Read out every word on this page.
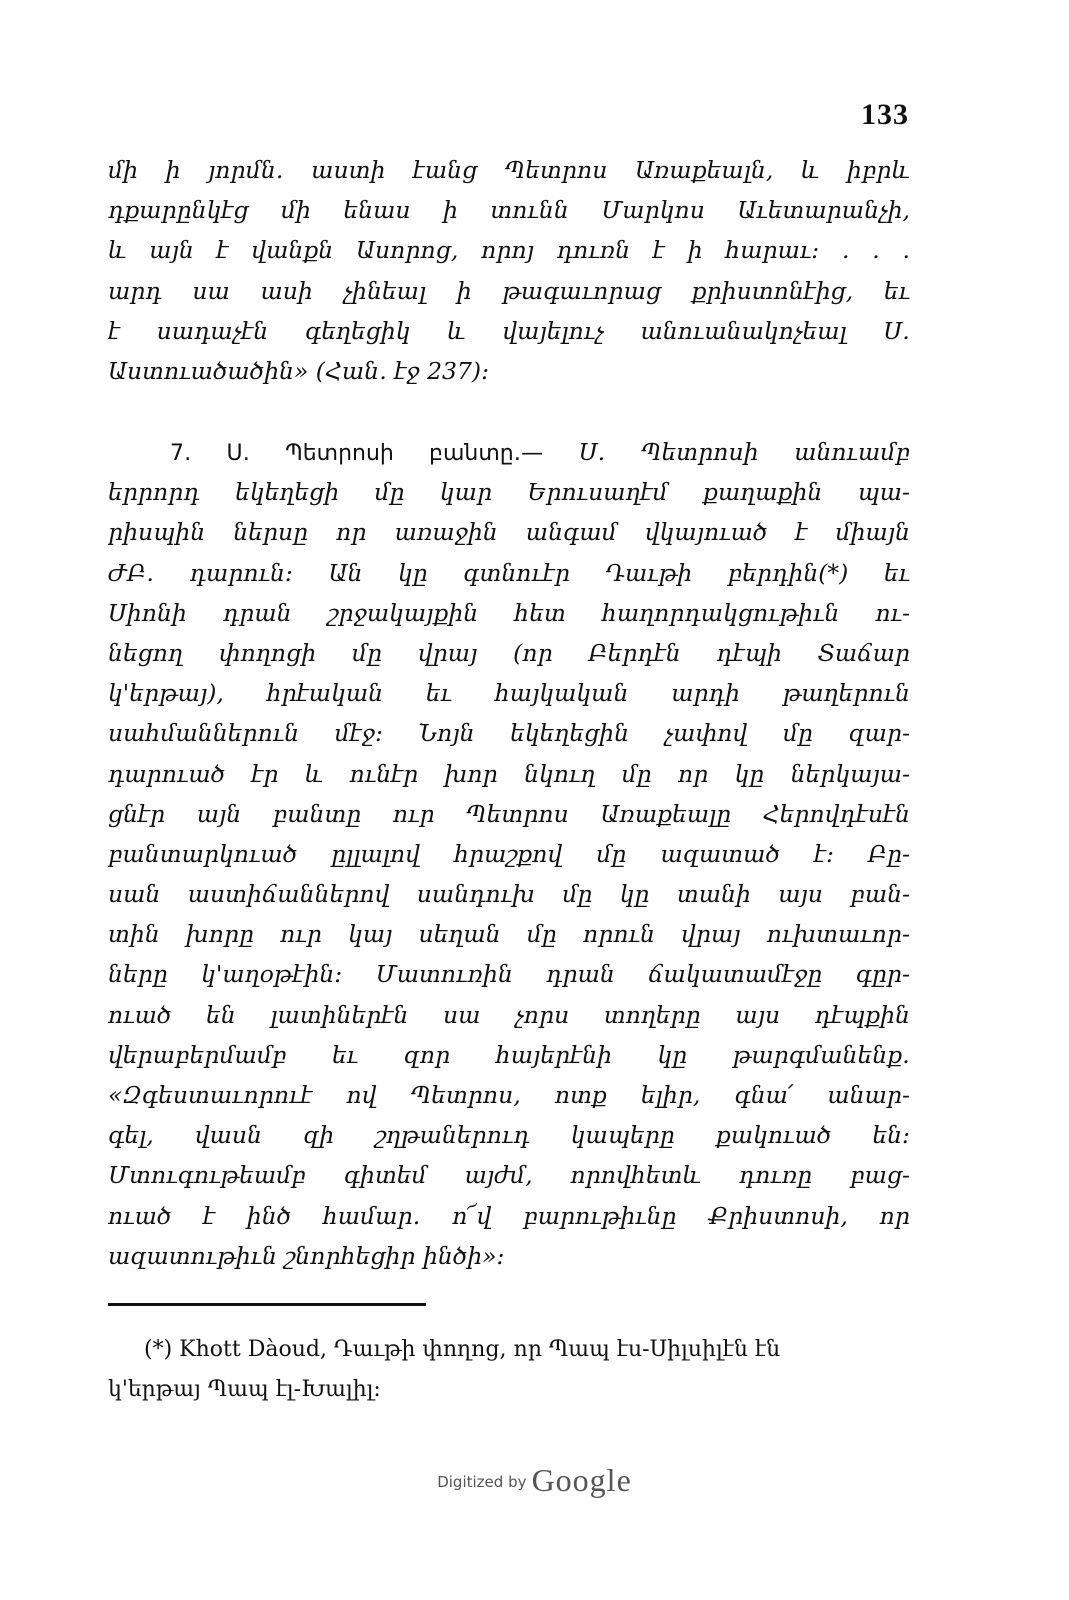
133
մի ի յորմն․ աստի էանց Պետրոս Առաքեալն, և իբրև
դքարընկէց մի ենաս ի տունն Մարկոս Աւետարանչի,
և այն է վանքն Ասորոց, որոյ դուռն է ի հարաւ։ . . .
արդ սա ասի չինեալ ի թագաւորաց քրիստոնէից, եւ
է սադաչէն գեղեցիկ և վայելուչ անուանակոչեալ Ս․
Աստուածածին» (Հան․ էջ 237)։
7․ Ս․ Պետրոսի բանտը․— Ս․ Պետրոսի անուամբ
երրորդ եկեղեցի մը կար Երուսաղէմ քաղաքին պա-
րիսպին ներսը որ առաջին անգամ վկայուած է միայն
ԺԲ․ դարուն։ Ան կը գտնուէր Դաւթի բերդին(*) եւ
Սիոնի դրան շրջակայքին հետ հաղորդակցութիւն ու-
նեցող փողոցի մը վրայ (որ Բերդէն դէպի Տաճար
կ'երթայ), հրէական եւ հայկական արդի թաղերուն
սահմաններուն մէջ։ Նոյն եկեղեցին չափով մը զար-
դարուած էր և ունէր խոր նկուղ մը որ կը ներկայա-
ցնէր այն բանտը ուր Պետրոս Առաքեալը Հերովդէսէն
բանտարկուած ըլլալով հրաշքով մը ազատած է։ Բը-
սան աստիճաններով սանդուխ մը կը տանի այս բան-
տին խորը ուր կայ սեղան մը որուն վրայ ուխտաւոր-
ները կ'աղօթէին։ Մատուռին դրան ճակատամէջը գըր-
ուած են լատիներէն սա չորս տողերը այս դէպքին
վերաբերմամբ եւ զոր հայերէնի կը թարգմանենք․
«Զգեստաւորուէ ով Պետրոս, ոտք ելիր, գնա՛ անար-
գել, վասն զի շղթաներուդ կապերը քակուած են։
Մտուգութեամբ գիտեմ այժմ, որովհետև դուռը բաց-
ուած է ինծ համար․ ո՜վ բարութիւնը Քրիստոսի, որ
ազատութիւն շնորհեցիր ինծի»։
(*) Khott Dàoud, Դաւթի փողոց, որ Պապ էս-Սիլսիլէն էն
կ'երթայ Պապ էլ-Խալիլ։
Digitized by Google
